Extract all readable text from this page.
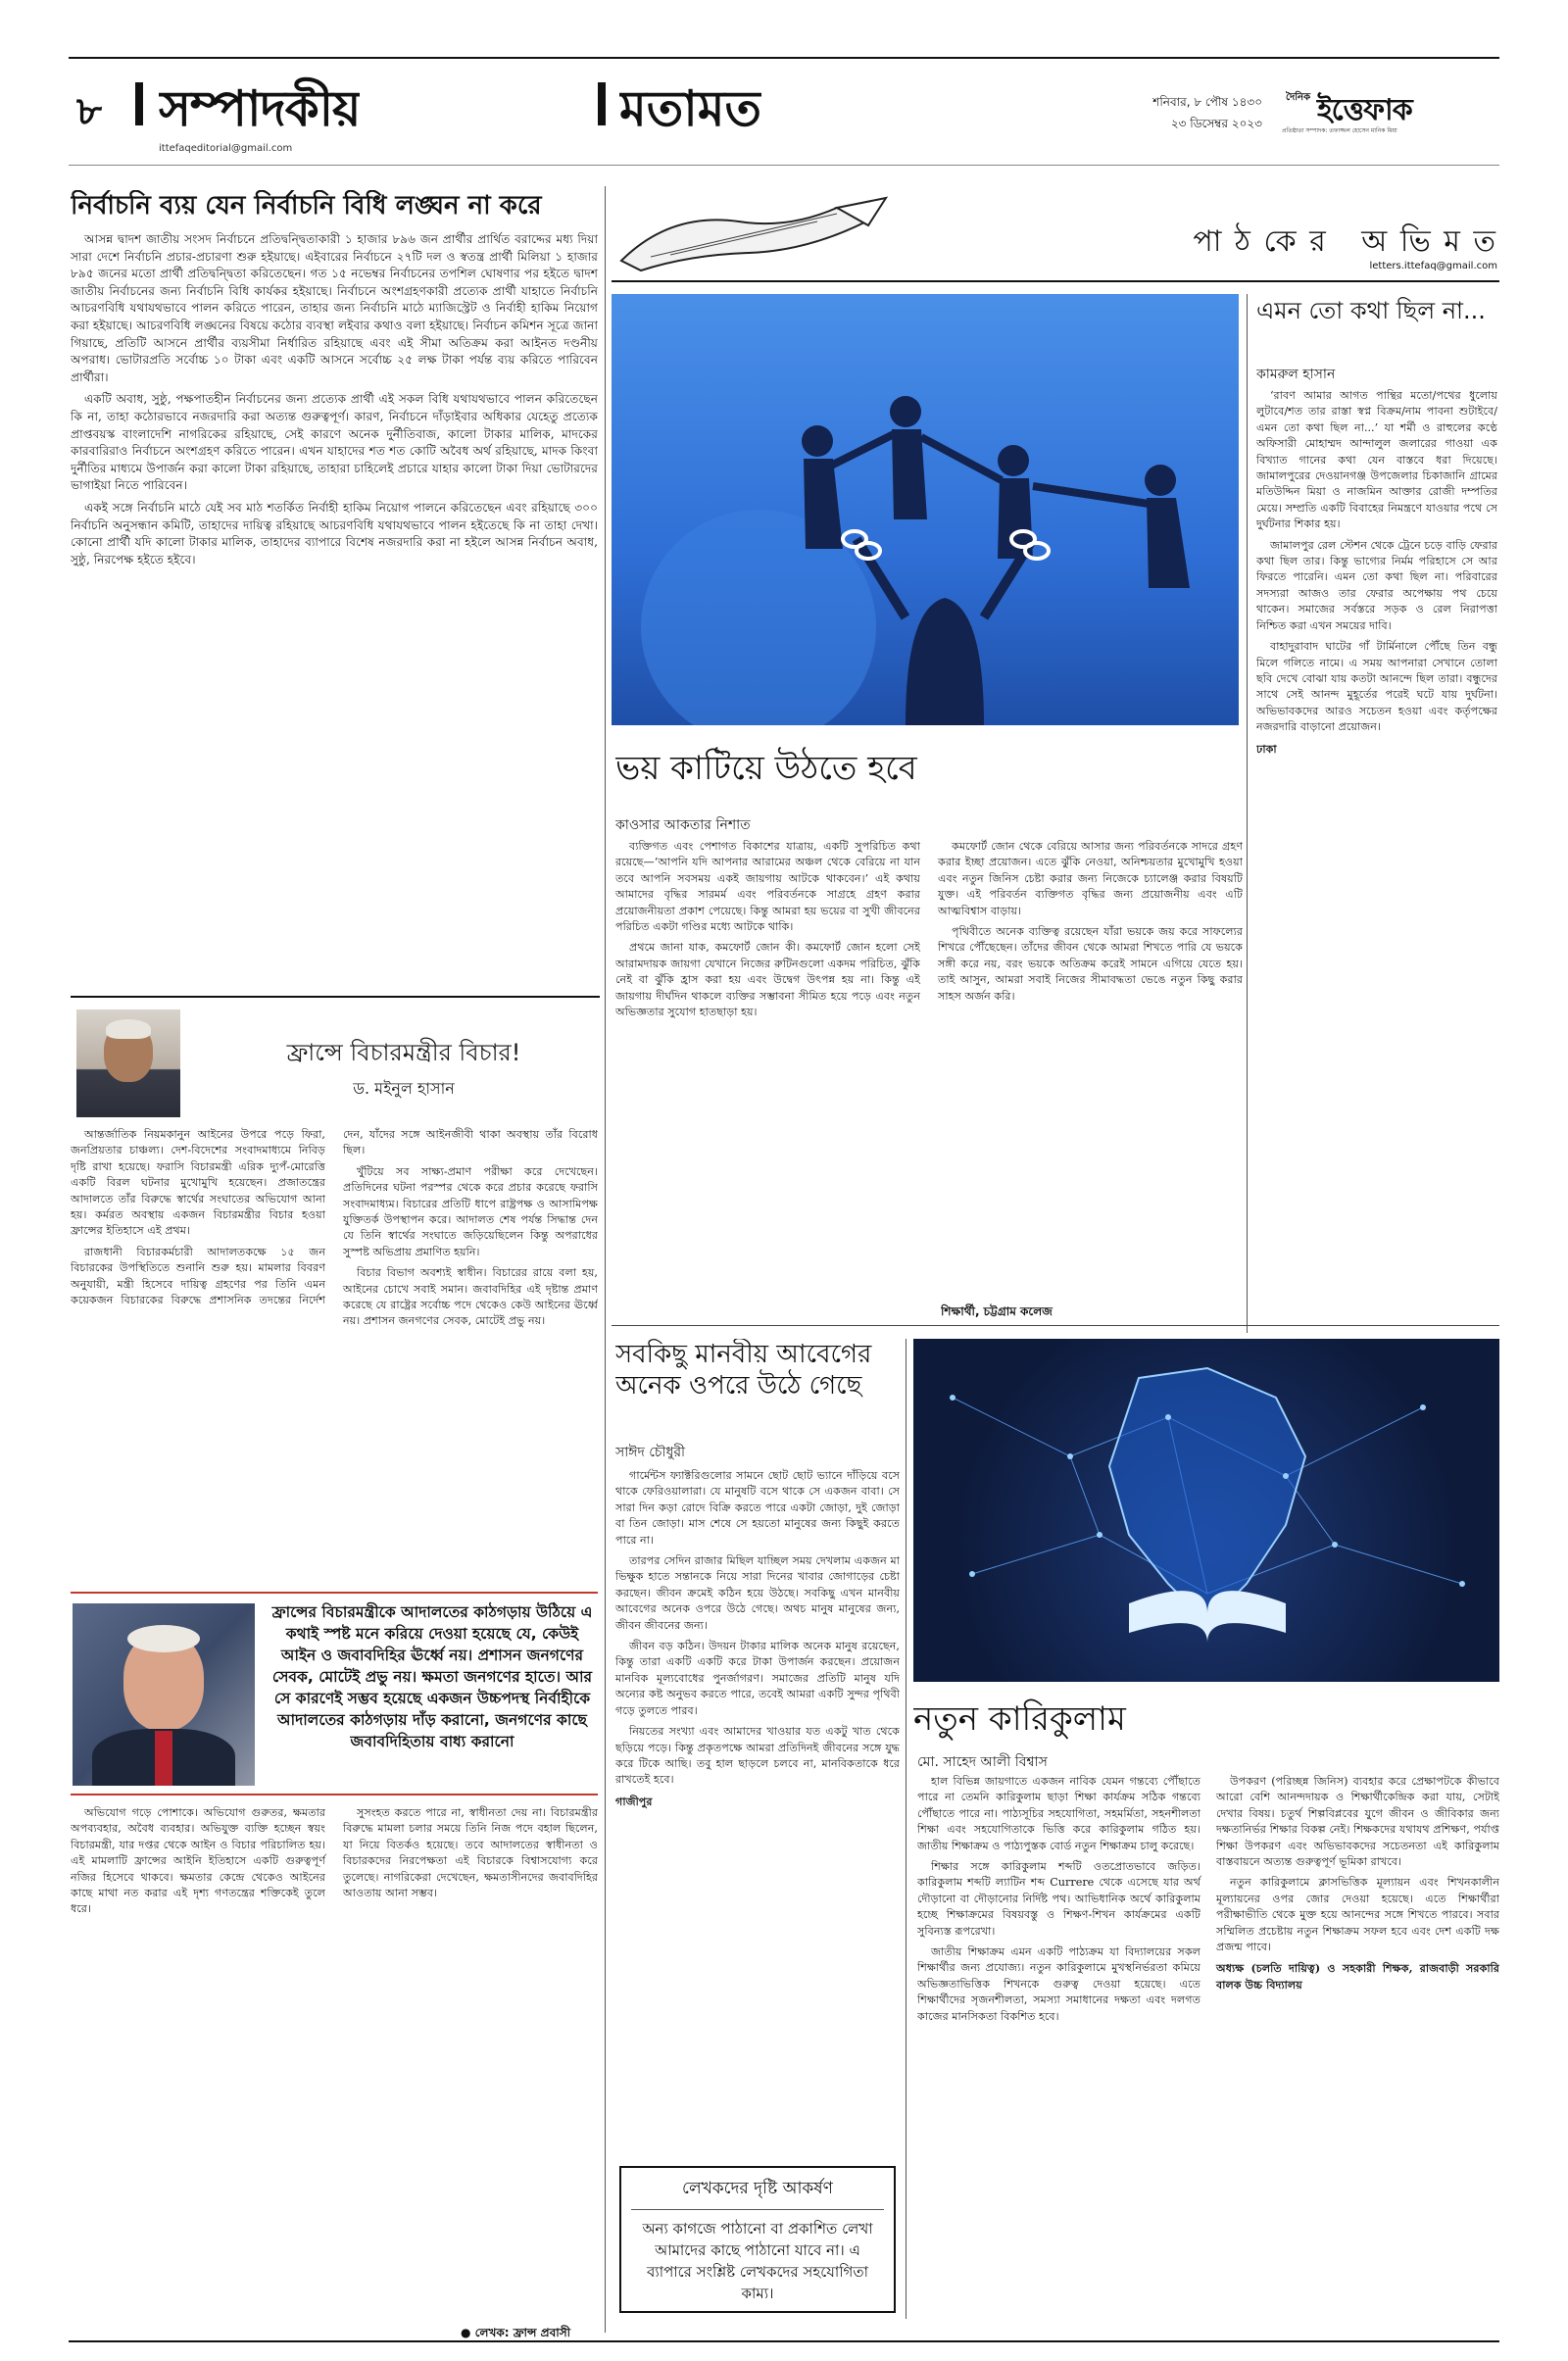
৮ সম্পাদকীয়
ittefaqeditorial@gmail.com
মতামত	শনিবার, ৮ পৌষ ১৪৩০
২৩ ডিসেম্বর ২০২৩
দৈনিক ইত্তেফাক
প্রতিষ্ঠাতা সম্পাদক: তফাজ্জল হোসেন মানিক মিয়া
নির্বাচনি ব্যয় যেন নির্বাচনি বিধি লঙ্ঘন না করে

আসন্ন দ্বাদশ জাতীয় সংসদ নির্বাচনে প্রতিদ্বন্দ্বিতাকারী ১ হাজার ৮৯৬ জন প্রার্থীর প্রার্থিত বরাদ্দের মধ্য দিয়া সারা দেশে নির্বাচনি প্রচার-প্রচারণা শুরু হইয়াছে। এইবারের নির্বাচনে ২৭টি দল ও স্বতন্ত্র প্রার্থী মিলিয়া ১ হাজার ৮৯৫ জনের মতো প্রার্থী প্রতিদ্বন্দ্বিতা করিতেছেন। গত ১৫ নভেম্বর নির্বাচনের তপশিল ঘোষণার পর হইতে দ্বাদশ জাতীয় নির্বাচনের জন্য নির্বাচনি বিধি কার্যকর হইয়াছে। নির্বাচনে অংশগ্রহণকারী প্রত্যেক প্রার্থী যাহাতে নির্বাচনি আচরণবিধি যথাযথভাবে পালন করিতে পারেন, তাহার জন্য নির্বাচনি মাঠে ম্যাজিস্ট্রেট ও নির্বাহী হাকিম নিয়োগ করা হইয়াছে। আচরণবিধি লঙ্ঘনের বিষয়ে কঠোর ব্যবস্থা লইবার কথাও বলা হইয়াছে। নির্বাচন কমিশন সূত্রে জানা গিয়াছে, প্রতিটি আসনে প্রার্থীর ব্যয়সীমা নির্ধারিত রহিয়াছে এবং এই সীমা অতিক্রম করা আইনত দণ্ডনীয় অপরাধ। ভোটারপ্রতি সর্বোচ্চ ১০ টাকা এবং একটি আসনে সর্বোচ্চ ২৫ লক্ষ টাকা পর্যন্ত ব্যয় করিতে পারিবেন প্রার্থীরা।

একটি অবাধ, সুষ্ঠু, পক্ষপাতহীন নির্বাচনের জন্য প্রত্যেক প্রার্থী এই সকল বিধি যথাযথভাবে পালন করিতেছেন কি না, তাহা কঠোরভাবে নজরদারি করা অত্যন্ত গুরুত্বপূর্ণ। কারণ, নির্বাচনে দাঁড়াইবার অধিকার যেহেতু প্রত্যেক প্রাপ্তবয়স্ক বাংলাদেশি নাগরিকের রহিয়াছে, সেই কারণে অনেক দুর্নীতিবাজ, কালো টাকার মালিক, মাদকের কারবারিরাও নির্বাচনে অংশগ্রহণ করিতে পারেন। এখন যাহাদের শত শত কোটি অবৈধ অর্থ রহিয়াছে, মাদক কিংবা দুর্নীতির মাধ্যমে উপার্জন করা কালো টাকা রহিয়াছে, তাহারা চাহিলেই প্রচারে যাহার কালো টাকা দিয়া ভোটারদের ভাগাইয়া নিতে পারিবেন।

একই সঙ্গে নির্বাচনি মাঠে যেই সব মাঠ শতর্কিত নির্বাহী হাকিম নিয়োগ পালনে করিতেছেন এবং রহিয়াছে ৩০০ নির্বাচনি অনুসন্ধান কমিটি, তাহাদের দায়িত্ব রহিয়াছে আচরণবিধি যথাযথভাবে পালন হইতেছে কি না তাহা দেখা। কোনো প্রার্থী যদি কালো টাকার মালিক, তাহাদের ব্যাপারে বিশেষ নজরদারি করা না হইলে আসন্ন নির্বাচন অবাধ, সুষ্ঠু, নিরপেক্ষ হইতে হইবে।

ফ্রান্সে বিচারমন্ত্রীর বিচার!
ড. মইনুল হাসান

আন্তর্জাতিক নিয়মকানুন আইনের উপরে পড়ে ফিরা, জনপ্রিয়তার চাঞ্চল্য। দেশ-বিদেশের সংবাদমাধ্যমে নিবিড় দৃষ্টি রাখা হয়েছে। ফরাসি বিচারমন্ত্রী এরিক দ্যুপঁ-মোরেত্তি একটি বিরল ঘটনার মুখোমুখি হয়েছেন। প্রজাতন্ত্রের আদালতে তাঁর বিরুদ্ধে স্বার্থের সংঘাতের অভিযোগ আনা হয়। কর্মরত অবস্থায় একজন বিচারমন্ত্রীর বিচার হওয়া ফ্রান্সের ইতিহাসে এই প্রথম।

রাজধানী বিচারকর্মচারী আদালতকক্ষে ১৫ জন বিচারকের উপস্থিতিতে শুনানি শুরু হয়। মামলার বিবরণ অনুযায়ী, মন্ত্রী হিসেবে দায়িত্ব গ্রহণের পর তিনি এমন কয়েকজন বিচারকের বিরুদ্ধে প্রশাসনিক তদন্তের নির্দেশ দেন, যাঁদের সঙ্গে আইনজীবী থাকা অবস্থায় তাঁর বিরোধ ছিল।

খুঁটিয়ে সব সাক্ষ্য-প্রমাণ পরীক্ষা করে দেখেছেন। প্রতিদিনের ঘটনা পরস্পর থেকে করে প্রচার করেছে ফরাসি সংবাদমাধ্যম। বিচারের প্রতিটি ধাপে রাষ্ট্রপক্ষ ও আসামিপক্ষ যুক্তিতর্ক উপস্থাপন করে। আদালত শেষ পর্যন্ত সিদ্ধান্ত দেন যে তিনি স্বার্থের সংঘাতে জড়িয়েছিলেন কিন্তু অপরাধের সুস্পষ্ট অভিপ্রায় প্রমাণিত হয়নি।

বিচার বিভাগ অবশ্যই স্বাধীন। বিচারের রায়ে বলা হয়, আইনের চোখে সবাই সমান। জবাবদিহির এই দৃষ্টান্ত প্রমাণ করেছে যে রাষ্ট্রের সর্বোচ্চ পদে থেকেও কেউ আইনের ঊর্ধ্বে নয়। প্রশাসন জনগণের সেবক, মোটেই প্রভু নয়।

ফ্রান্সের বিচারমন্ত্রীকে আদালতের কাঠগড়ায় উঠিয়ে এ কথাই স্পষ্ট মনে করিয়ে দেওয়া হয়েছে যে, কেউই আইন ও জবাবদিহির ঊর্ধ্বে নয়। প্রশাসন জনগণের সেবক, মোটেই প্রভু নয়। ক্ষমতা জনগণের হাতে। আর সে কারণেই সম্ভব হয়েছে একজন উচ্চপদস্থ নির্বাহীকে আদালতের কাঠগড়ায় দাঁড় করানো, জনগণের কাছে জবাবদিহিতায় বাধ্য করানো

অভিযোগ গড়ে পোশাকে। অভিযোগ গুরুতর, ক্ষমতার অপব্যবহার, অবৈধ ব্যবহার। অভিযুক্ত ব্যক্তি হচ্ছেন স্বয়ং বিচারমন্ত্রী, যার দপ্তর থেকে আইন ও বিচার পরিচালিত হয়। এই মামলাটি ফ্রান্সের আইনি ইতিহাসে একটি গুরুত্বপূর্ণ নজির হিসেবে থাকবে। ক্ষমতার কেন্দ্রে থেকেও আইনের কাছে মাথা নত করার এই দৃশ্য গণতন্ত্রের শক্তিকেই তুলে ধরে।

সুসংহত করতে পারে না, স্বাধীনতা দেয় না। বিচারমন্ত্রীর বিরুদ্ধে মামলা চলার সময়ে তিনি নিজ পদে বহাল ছিলেন, যা নিয়ে বিতর্কও হয়েছে। তবে আদালতের স্বাধীনতা ও বিচারকদের নিরপেক্ষতা এই বিচারকে বিশ্বাসযোগ্য করে তুলেছে। নাগরিকেরা দেখেছেন, ক্ষমতাসীনদের জবাবদিহির আওতায় আনা সম্ভব।

● লেখক: ফ্রান্স প্রবাসী
পা ঠ কে র   অ ভি ম ত
letters.ittefaq@gmail.com
এমন তো কথা ছিল না...
কামরুল হাসান

‘রাবণ আমার আগত পান্থির মতো/পথের ধুলোয় লুটাবে/শত তার রাস্তা স্বপ্ন বিক্রম/নাম পাবনা শুটাইবে/এমন তো কথা ছিল না...’ যা শর্মী ও রাহুলের কণ্ঠে অফিসারী মোহাম্মদ আন্দালুল জলারের গাওয়া এক বিখ্যাত গানের কথা যেন বাস্তবে ধরা দিয়েছে। জামালপুরের দেওয়ানগঞ্জ উপজেলার চিকাজানি গ্রামের মতিউদ্দিন মিয়া ও নাজমিন আক্তার রোজী দম্পতির মেয়ে। সম্প্রতি একটি বিবাহের নিমন্ত্রণে যাওয়ার পথে সে দুর্ঘটনার শিকার হয়।

জামালপুর রেল স্টেশন থেকে ট্রেনে চড়ে বাড়ি ফেরার কথা ছিল তার। কিন্তু ভাগ্যের নির্মম পরিহাসে সে আর ফিরতে পারেনি। এমন তো কথা ছিল না। পরিবারের সদস্যরা আজও তার ফেরার অপেক্ষায় পথ চেয়ে থাকেন। সমাজের সর্বস্তরে সড়ক ও রেল নিরাপত্তা নিশ্চিত করা এখন সময়ের দাবি।

বাহাদুরাবাদ ঘাটের গাঁ টার্মিনালে পৌঁছে তিন বন্ধু মিলে গলিতে নামে। এ সময় আপনারা সেখানে তোলা ছবি দেখে বোঝা যায় কতটা আনন্দে ছিল তারা। বন্ধুদের সাথে সেই আনন্দ মুহূর্তের পরেই ঘটে যায় দুর্ঘটনা। অভিভাবকদের আরও সচেতন হওয়া এবং কর্তৃপক্ষের নজরদারি বাড়ানো প্রয়োজন।

ঢাকা

ভয় কাটিয়ে উঠতে হবে
কাওসার আকতার নিশাত

ব্যক্তিগত এবং পেশাগত বিকাশের যাত্রায়, একটি সুপরিচিত কথা রয়েছে—‘আপনি যদি আপনার আরামের অঞ্চল থেকে বেরিয়ে না যান তবে আপনি সবসময় একই জায়গায় আটকে থাকবেন।’ এই কথায় আমাদের বৃদ্ধির সারমর্ম এবং পরিবর্তনকে সাগ্রহে গ্রহণ করার প্রয়োজনীয়তা প্রকাশ পেয়েছে। কিন্তু আমরা হয় ভয়ের বা সুখী জীবনের পরিচিত একটা গণ্ডির মধ্যে আটকে থাকি।

প্রথমে জানা যাক, কমফোর্ট জোন কী। কমফোর্ট জোন হলো সেই আরামদায়ক জায়গা যেখানে নিজের রুটিনগুলো একদম পরিচিত, ঝুঁকি নেই বা ঝুঁকি হ্রাস করা হয় এবং উদ্বেগ উৎপন্ন হয় না। কিন্তু এই জায়গায় দীর্ঘদিন থাকলে ব্যক্তির সম্ভাবনা সীমিত হয়ে পড়ে এবং নতুন অভিজ্ঞতার সুযোগ হাতছাড়া হয়।

কমফোর্ট জোন থেকে বেরিয়ে আসার জন্য পরিবর্তনকে সাদরে গ্রহণ করার ইচ্ছা প্রয়োজন। এতে ঝুঁকি নেওয়া, অনিশ্চয়তার মুখোমুখি হওয়া এবং নতুন জিনিস চেষ্টা করার জন্য নিজেকে চ্যালেঞ্জ করার বিষয়টি যুক্ত। এই পরিবর্তন ব্যক্তিগত বৃদ্ধির জন্য প্রয়োজনীয় এবং এটি আত্মবিশ্বাস বাড়ায়।

পৃথিবীতে অনেক ব্যক্তিত্ব রয়েছেন যাঁরা ভয়কে জয় করে সাফল্যের শিখরে পৌঁছেছেন। তাঁদের জীবন থেকে আমরা শিখতে পারি যে ভয়কে সঙ্গী করে নয়, বরং ভয়কে অতিক্রম করেই সামনে এগিয়ে যেতে হয়। তাই আসুন, আমরা সবাই নিজের সীমাবদ্ধতা ভেঙে নতুন কিছু করার সাহস অর্জন করি।

শিক্ষার্থী, চট্টগ্রাম কলেজ
সবকিছু মানবীয় আবেগের অনেক ওপরে উঠে গেছে
সাঈদ চৌধুরী

গার্মেন্টস ফ্যাক্টরিগুলোর সামনে ছোট ছোট ভ্যানে দাঁড়িয়ে বসে থাকে ফেরিওয়ালারা। যে মানুষটি বসে থাকে সে একজন বাবা। সে সারা দিন কড়া রোদে বিক্রি করতে পারে একটা জোড়া, দুই জোড়া বা তিন জোড়া। মাস শেষে সে হয়তো মানুষের জন্য কিছুই করতে পারে না।

তারপর সেদিন রাজার মিছিল যাচ্ছিল সময় দেখলাম একজন মা ভিক্ষুক হাতে সন্তানকে নিয়ে সারা দিনের খাবার জোগাড়ের চেষ্টা করছেন। জীবন ক্রমেই কঠিন হয়ে উঠছে। সবকিছু এখন মানবীয় আবেগের অনেক ওপরে উঠে গেছে। অথচ মানুষ মানুষের জন্য, জীবন জীবনের জন্য।

জীবন বড় কঠিন। উদয়ন টাকার মালিক অনেক মানুষ রয়েছেন, কিন্তু তারা একটি একটি করে টাকা উপার্জন করছেন। প্রয়োজন মানবিক মূল্যবোধের পুনর্জাগরণ। সমাজের প্রতিটি মানুষ যদি অন্যের কষ্ট অনুভব করতে পারে, তবেই আমরা একটি সুন্দর পৃথিবী গড়ে তুলতে পারব।

নিয়তের সংখ্যা এবং আমাদের খাওয়ার যত একটু খাত থেকে ছড়িয়ে পড়ে। কিন্তু প্রকৃতপক্ষে আমরা প্রতিদিনই জীবনের সঙ্গে যুদ্ধ করে টিকে আছি। তবু হাল ছাড়লে চলবে না, মানবিকতাকে ধরে রাখতেই হবে।

গাজীপুর

লেখকদের দৃষ্টি আকর্ষণ
অন্য কাগজে পাঠানো বা প্রকাশিত লেখা আমাদের কাছে পাঠানো যাবে না। এ ব্যাপারে সংশ্লিষ্ট লেখকদের সহযোগিতা কাম্য।
নতুন কারিকুলাম
মো. সাহেদ আলী বিশ্বাস

হাল বিভিন্ন জায়গাতে একজন নাবিক যেমন গন্তব্যে পৌঁছাতে পারে না তেমনি কারিকুলাম ছাড়া শিক্ষা কার্যক্রম সঠিক গন্তব্যে পৌঁছাতে পারে না। পাঠ্যসূচির সহযোগিতা, সহমর্মিতা, সহনশীলতা শিক্ষা এবং সহযোগিতাকে ভিত্তি করে কারিকুলাম গঠিত হয়। জাতীয় শিক্ষাক্রম ও পাঠ্যপুস্তক বোর্ড নতুন শিক্ষাক্রম চালু করেছে।

শিক্ষার সঙ্গে কারিকুলাম শব্দটি ওতপ্রোতভাবে জড়িত। কারিকুলাম শব্দটি ল্যাটিন শব্দ Currere থেকে এসেছে যার অর্থ দৌড়ানো বা দৌড়ানোর নির্দিষ্ট পথ। আভিধানিক অর্থে কারিকুলাম হচ্ছে শিক্ষাক্রমের বিষয়বস্তু ও শিক্ষণ-শিখন কার্যক্রমের একটি সুবিন্যস্ত রূপরেখা।

জাতীয় শিক্ষাক্রম এমন একটি পাঠ্যক্রম যা বিদ্যালয়ের সকল শিক্ষার্থীর জন্য প্রযোজ্য। নতুন কারিকুলামে মুখস্থনির্ভরতা কমিয়ে অভিজ্ঞতাভিত্তিক শিখনকে গুরুত্ব দেওয়া হয়েছে। এতে শিক্ষার্থীদের সৃজনশীলতা, সমস্যা সমাধানের দক্ষতা এবং দলগত কাজের মানসিকতা বিকশিত হবে।

উপকরণ (পরিচ্ছন্ন জিনিস) ব্যবহার করে প্রেক্ষাপটকে কীভাবে আরো বেশি আনন্দদায়ক ও শিক্ষার্থীকেন্দ্রিক করা যায়, সেটাই দেখার বিষয়। চতুর্থ শিল্পবিপ্লবের যুগে জীবন ও জীবিকার জন্য দক্ষতানির্ভর শিক্ষার বিকল্প নেই। শিক্ষকদের যথাযথ প্রশিক্ষণ, পর্যাপ্ত শিক্ষা উপকরণ এবং অভিভাবকদের সচেতনতা এই কারিকুলাম বাস্তবায়নে অত্যন্ত গুরুত্বপূর্ণ ভূমিকা রাখবে।

নতুন কারিকুলামে ক্লাসভিত্তিক মূল্যায়ন এবং শিখনকালীন মূল্যায়নের ওপর জোর দেওয়া হয়েছে। এতে শিক্ষার্থীরা পরীক্ষাভীতি থেকে মুক্ত হয়ে আনন্দের সঙ্গে শিখতে পারবে। সবার সম্মিলিত প্রচেষ্টায় নতুন শিক্ষাক্রম সফল হবে এবং দেশ একটি দক্ষ প্রজন্ম পাবে।

অধ্যক্ষ (চলতি দায়িত্ব) ও সহকারী শিক্ষক, রাজবাড়ী সরকারি বালক উচ্চ বিদ্যালয়
